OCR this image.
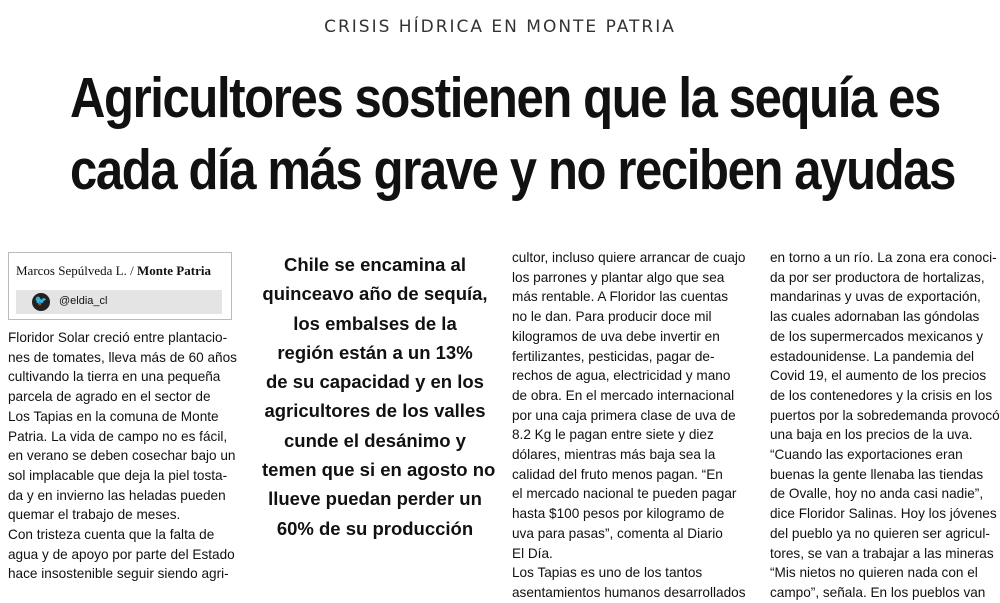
CRISIS HÍDRICA EN MONTE PATRIA
Agricultores sostienen que la sequía es
cada día más grave y no reciben ayudas
Marcos Sepúlveda L. / Monte Patria
🐦 @eldia_cl
Floridor Solar creció entre plantacio-
nes de tomates, lleva más de 60 años
cultivando la tierra en una pequeña
parcela de agrado en el sector de
Los Tapias en la comuna de Monte
Patria. La vida de campo no es fácil,
en verano se deben cosechar bajo un
sol implacable que deja la piel tosta-
da y en invierno las heladas pueden
quemar el trabajo de meses.
Con tristeza cuenta que la falta de
agua y de apoyo por parte del Estado
hace insostenible seguir siendo agri-
Chile se encamina al
quinceavo año de sequía,
los embalses de la
región están a un 13%
de su capacidad y en los
agricultores de los valles
cunde el desánimo y
temen que si en agosto no
llueve puedan perder un
60% de su producción
cultor, incluso quiere arrancar de cuajo
los parrones y plantar algo que sea
más rentable. A Floridor las cuentas
no le dan. Para producir doce mil
kilogramos de uva debe invertir en
fertilizantes, pesticidas, pagar de-
rechos de agua, electricidad y mano
de obra. En el mercado internacional
por una caja primera clase de uva de
8.2 Kg le pagan entre siete y diez
dólares, mientras más baja sea la
calidad del fruto menos pagan. “En
el mercado nacional te pueden pagar
hasta $100 pesos por kilogramo de
uva para pasas”, comenta al Diario
El Día.
Los Tapias es uno de los tantos
asentamientos humanos desarrollados
en torno a un río. La zona era conoci-
da por ser productora de hortalizas,
mandarinas y uvas de exportación,
las cuales adornaban las góndolas
de los supermercados mexicanos y
estadounidense. La pandemia del
Covid 19, el aumento de los precios
de los contenedores y la crisis en los
puertos por la sobredemanda provocó
una baja en los precios de la uva.
“Cuando las exportaciones eran
buenas la gente llenaba las tiendas
de Ovalle, hoy no anda casi nadie”,
dice Floridor Salinas. Hoy los jóvenes
del pueblo ya no quieren ser agricul-
tores, se van a trabajar a las mineras
“Mis nietos no quieren nada con el
campo”, señala. En los pueblos van
